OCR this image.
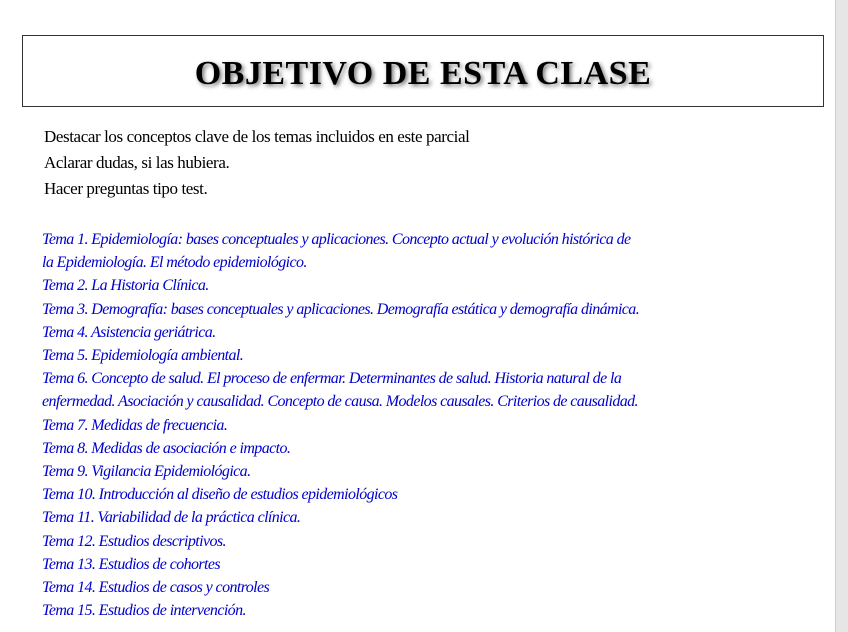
OBJETIVO DE ESTA CLASE
Destacar los conceptos clave de los temas incluidos en este parcial
Aclarar dudas, si las hubiera.
Hacer preguntas tipo test.
Tema 1. Epidemiología: bases conceptuales y aplicaciones. Concepto actual y evolución histórica de
la Epidemiología. El método epidemiológico.
Tema 2. La Historia Clínica.
Tema 3. Demografía: bases conceptuales y aplicaciones. Demografía estática y demografía dinámica.
Tema 4. Asistencia geriátrica.
Tema 5. Epidemiología ambiental.
Tema 6. Concepto de salud. El proceso de enfermar. Determinantes de salud. Historia natural de la
enfermedad. Asociación y causalidad. Concepto de causa. Modelos causales. Criterios de causalidad.
Tema 7. Medidas de frecuencia.
Tema 8. Medidas de asociación e impacto.
Tema 9. Vigilancia Epidemiológica.
Tema 10. Introducción al diseño de estudios epidemiológicos
Tema 11. Variabilidad de la práctica clínica.
Tema 12. Estudios descriptivos.
Tema 13. Estudios de cohortes
Tema 14. Estudios de casos y controles
Tema 15. Estudios de intervención.
